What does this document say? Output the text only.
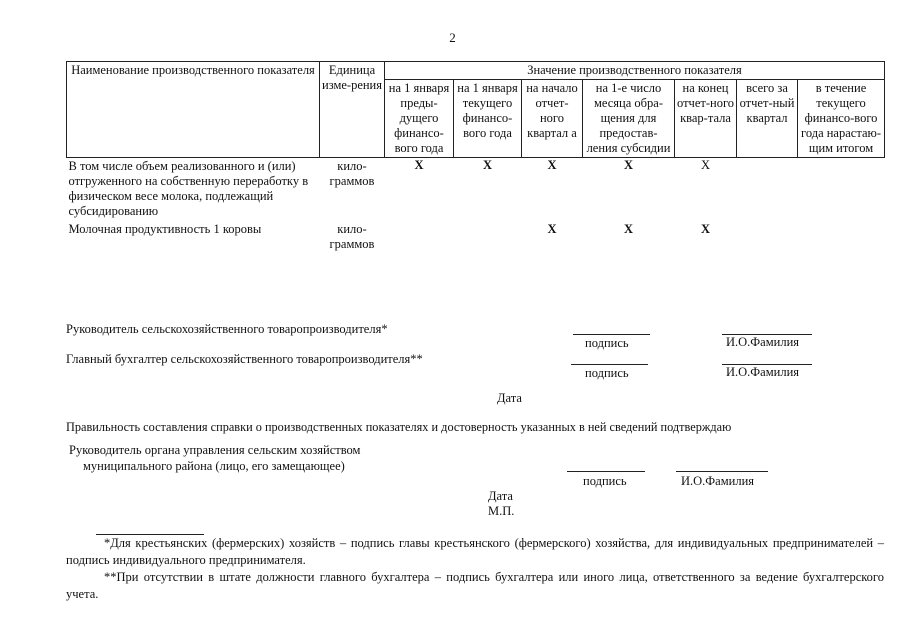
2
Наименование производственного показателя	Единица изме-рения	Значение производственного показателя						
		на 1 января преды-дущего финансо-вого года	на 1 января текущего финансо-вого года	на начало отчет-ного квартал а	на 1-е число месяца обра-щения для предостав-ления субсидии	на конец отчет-ного квар-тала	всего за отчет-ный квартал	в течение текущего финансо-вого года нарастаю-щим итогом
В том числе объем реализованного и (или) отгруженного на собственную переработку в физическом весе молока, подлежащий субсидированию	кило-граммов	X	X	X	X	X		
Молочная продуктивность 1 коровы	кило-граммов			X	X	X		
Руководитель сельскохозяйственного товаропроизводителя*
подпись	И.О.Фамилия
Главный бухгалтер сельскохозяйственного товаропроизводителя**
подпись	И.О.Фамилия
Дата
Правильность составления справки о производственных показателях и достоверность указанных в ней сведений подтверждаю
Руководитель органа управления сельским хозяйством
муниципального района (лицо, его замещающее)
подпись	И.О.Фамилия
Дата
М.П.
*Для крестьянских (фермерских) хозяйств – подпись главы крестьянского (фермерского) хозяйства, для индивидуальных предпринимателей – подпись индивидуального предпринимателя.
**При отсутствии в штате должности главного бухгалтера – подпись бухгалтера или иного лица, ответственного за ведение бухгалтерского учета.
